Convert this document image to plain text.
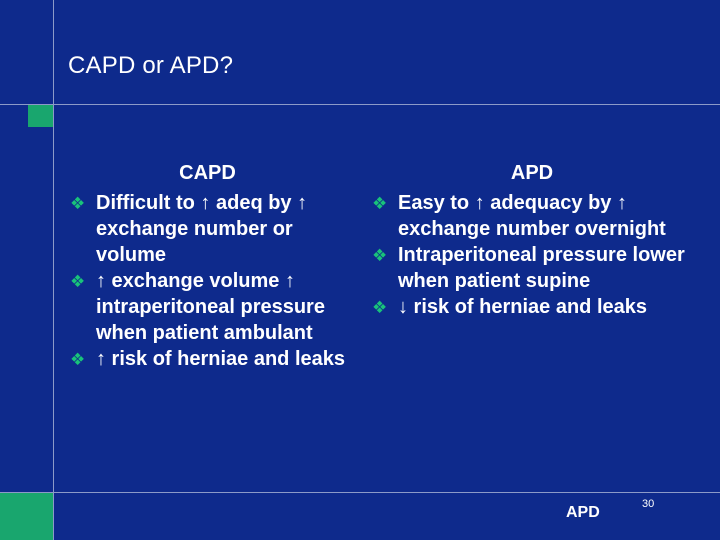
CAPD or APD?
CAPD
❖ Difficult to ↑ adeq by ↑ exchange number or volume
❖ ↑ exchange volume ↑ intraperitoneal pressure when patient ambulant
❖ ↑ risk of herniae and leaks
APD
❖ Easy to ↑ adequacy by ↑ exchange number overnight
❖ Intraperitoneal pressure lower when patient supine
❖ ↓ risk of herniae and leaks
APD	30
